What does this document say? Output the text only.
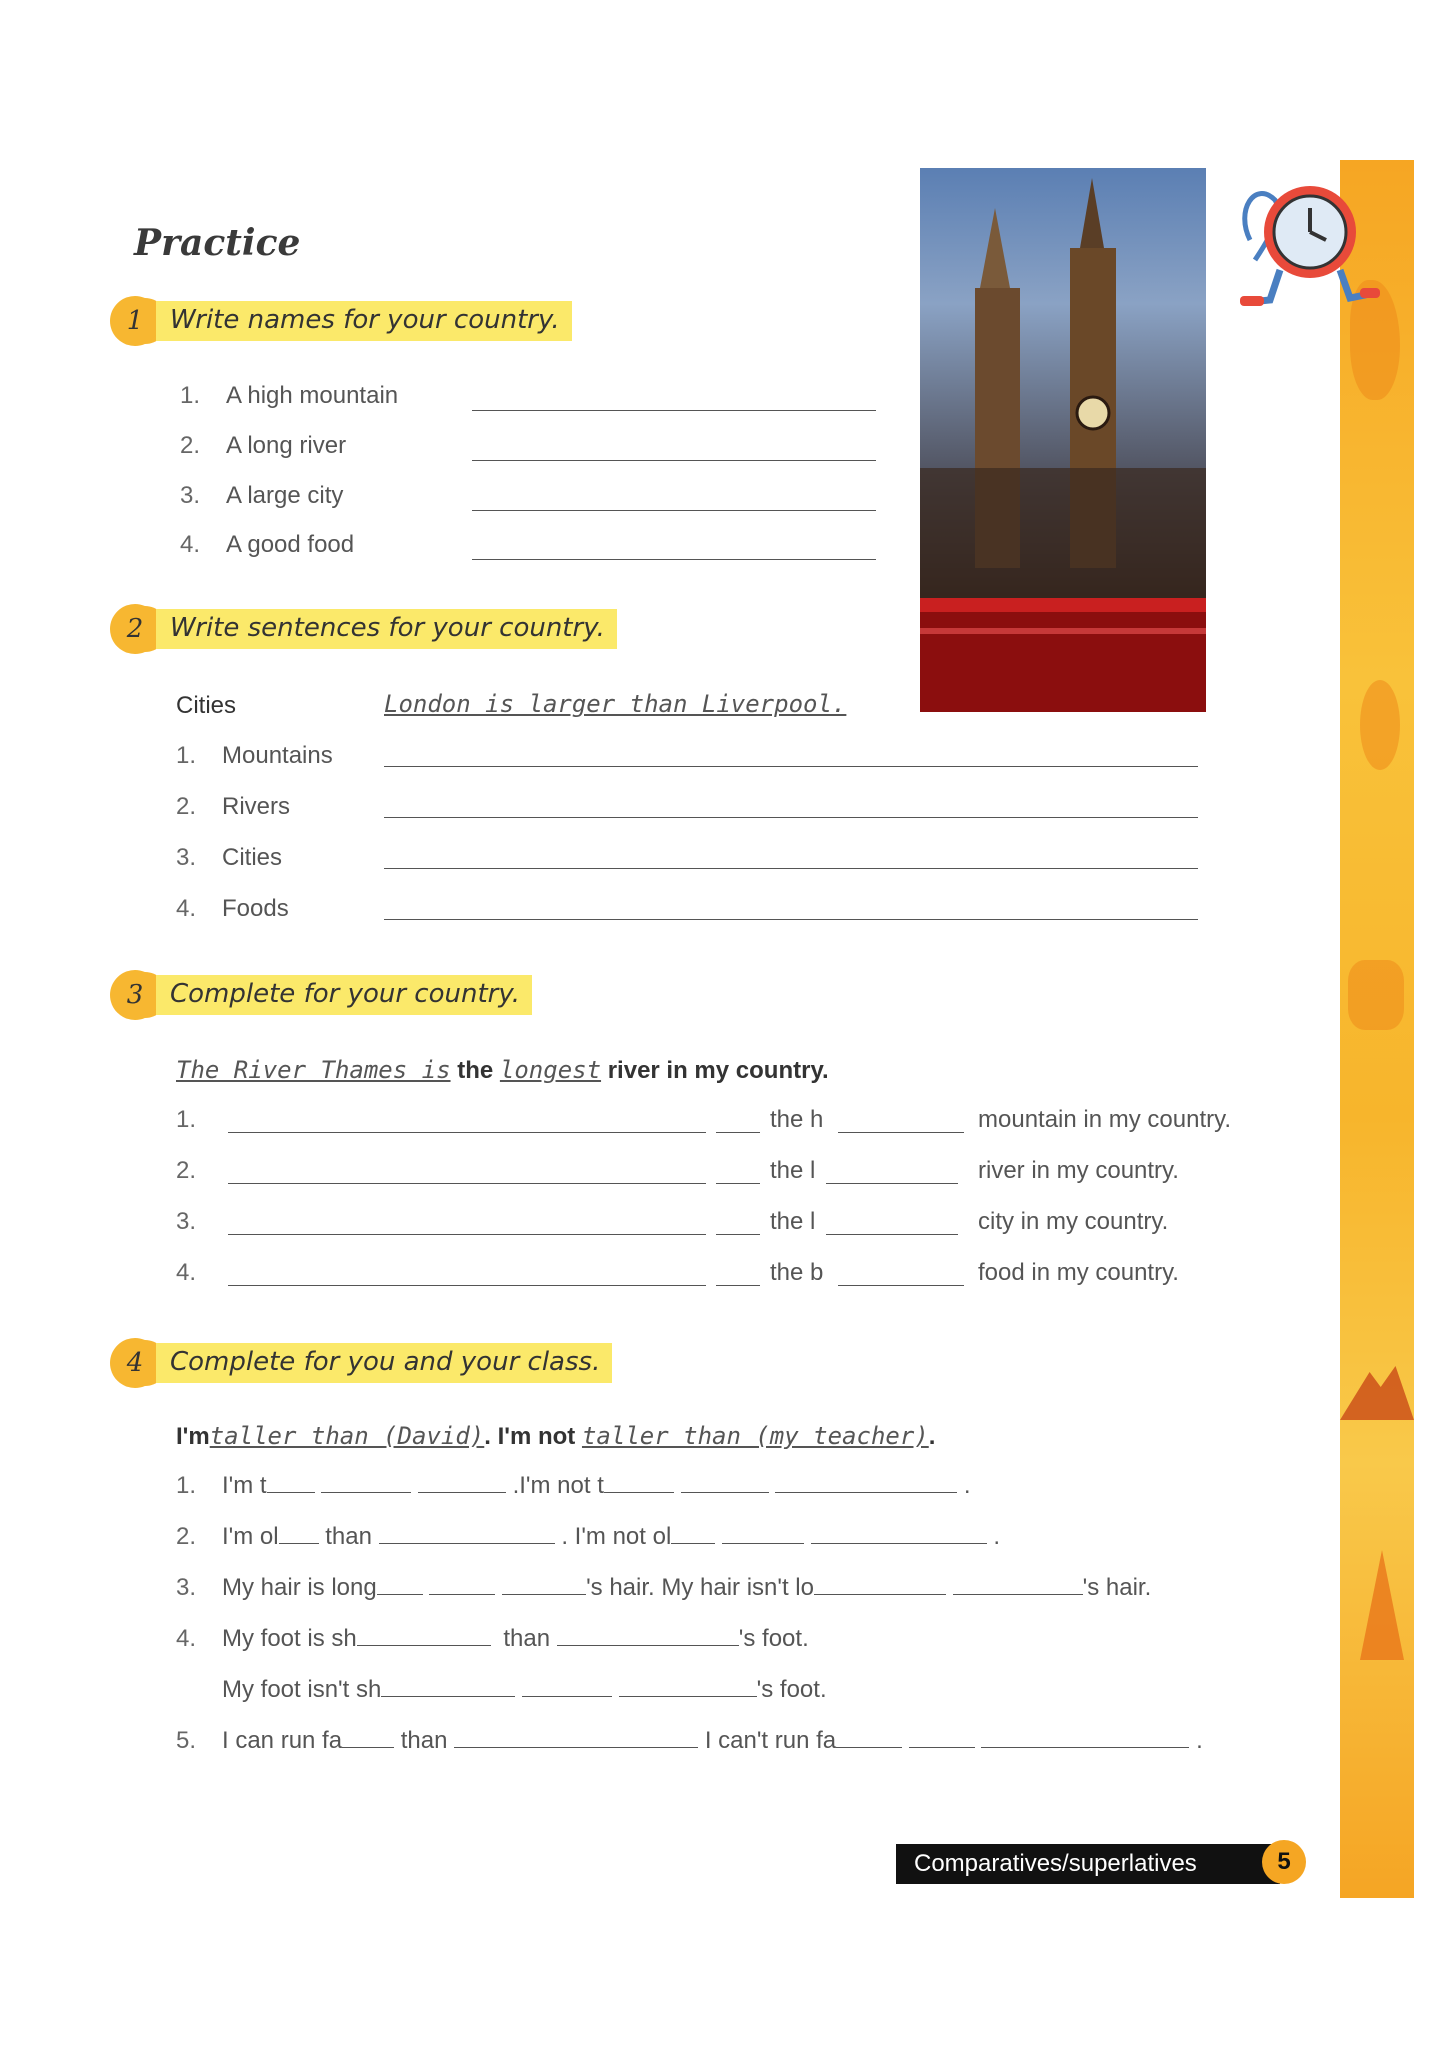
Practice
1	Write names for your country.
1. A high mountain
2. A long river
3. A large city
4. A good food
2	Write sentences for your country.
Cities	London is larger than Liverpool.
1. Mountains
2. Rivers
3. Cities
4. Foods
3	Complete for your country.
The River Thames is the longest river in my country.
1.	the h	mountain in my country.
2.	the l	river in my country.
3.	the l	city in my country.
4.	the b	food in my country.
4	Complete for you and your class.
I'mtaller than (David). I'm not taller than (my teacher).
1. I'm t	.I'm not t	.
2. I'm ol than	. I'm not ol	.
3. My hair is long	's hair. My hair isn't lo	's hair.
4. My foot is sh	than	's foot.
My foot isn't sh	's foot.
5. I can run fa than	I can't run fa	.
Comparatives/superlatives	5
